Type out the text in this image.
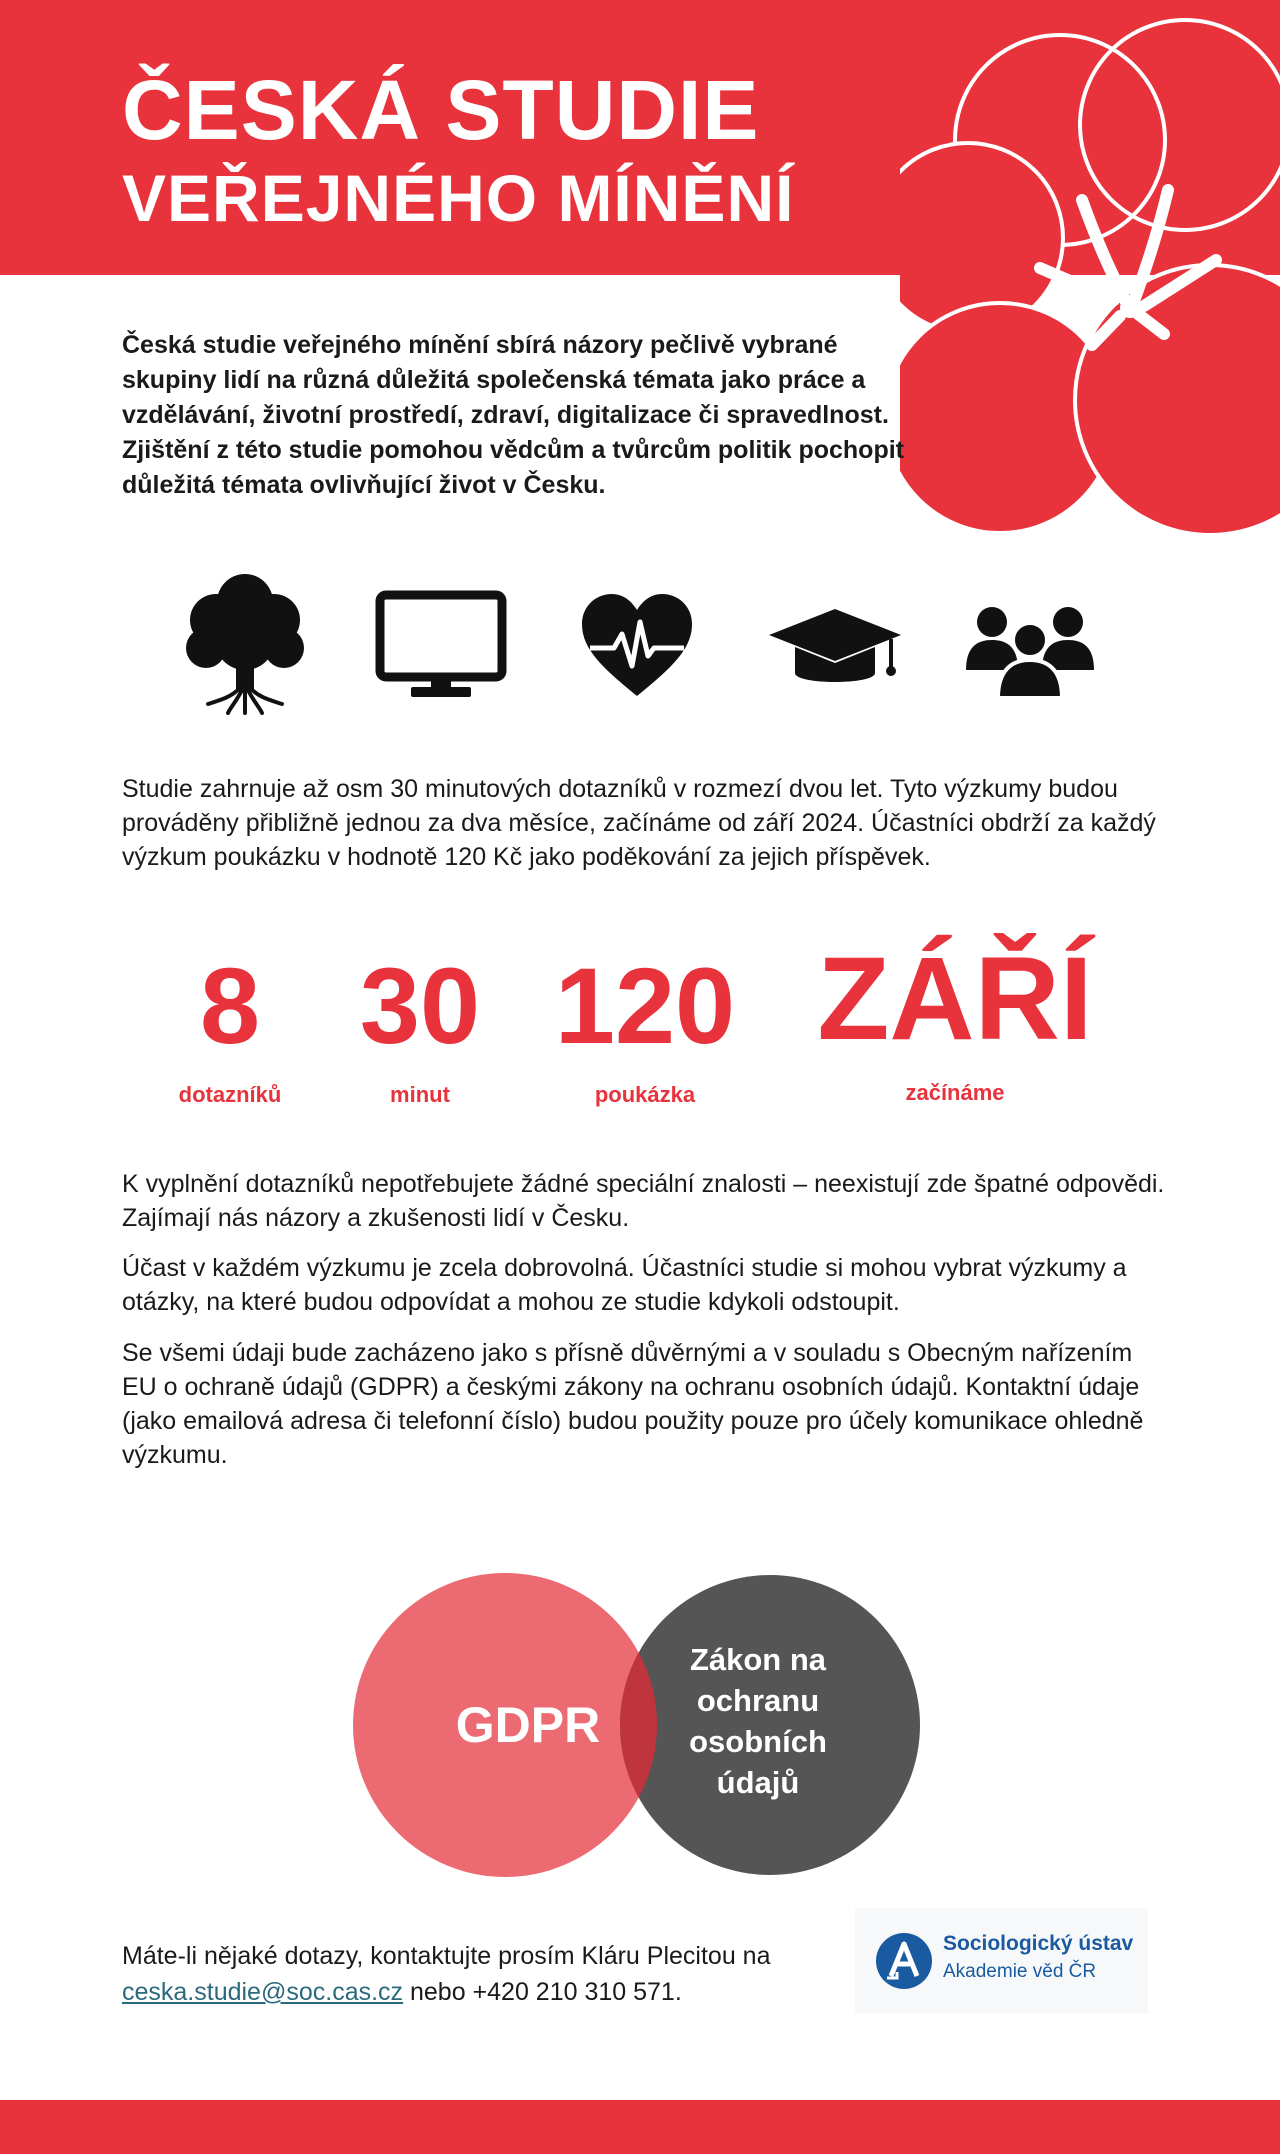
ČESKÁ STUDIE
VEŘEJNÉHO MÍNĚNÍ

Česká studie veřejného mínění sbírá názory pečlivě vybrané skupiny lidí na různá důležitá společenská témata jako práce a vzdělávání, životní prostředí, zdraví, digitalizace či spravedlnost. Zjištění z této studie pomohou vědcům a tvůrcům politik pochopit důležitá témata ovlivňující život v Česku.

Studie zahrnuje až osm 30 minutových dotazníků v rozmezí dvou let. Tyto výzkumy budou prováděny přibližně jednou za dva měsíce, začínáme od září 2024. Účastníci obdrží za každý výzkum poukázku v hodnotě 120 Kč jako poděkování za jejich příspěvek.

8
dotazníků
30
minut
120
poukázka
ZÁŘÍ
začínáme

K vyplnění dotazníků nepotřebujete žádné speciální znalosti – neexistují zde špatné odpovědi. Zajímají nás názory a zkušenosti lidí v Česku.

Účast v každém výzkumu je zcela dobrovolná. Účastníci studie si mohou vybrat výzkumy a otázky, na které budou odpovídat a mohou ze studie kdykoli odstoupit.

Se všemi údaji bude zacházeno jako s přísně důvěrnými a v souladu s Obecným nařízením EU o ochraně údajů (GDPR) a českými zákony na ochranu osobních údajů. Kontaktní údaje (jako emailová adresa či telefonní číslo) budou použity pouze pro účely komunikace ohledně výzkumu.

GDPR
Zákon na
ochranu
osobních
údajů

Máte-li nějaké dotazy, kontaktujte prosím Kláru Plecitou na
ceska.studie@soc.cas.cz nebo +420 210 310 571.

Sociologický ústav
Akademie věd ČR
